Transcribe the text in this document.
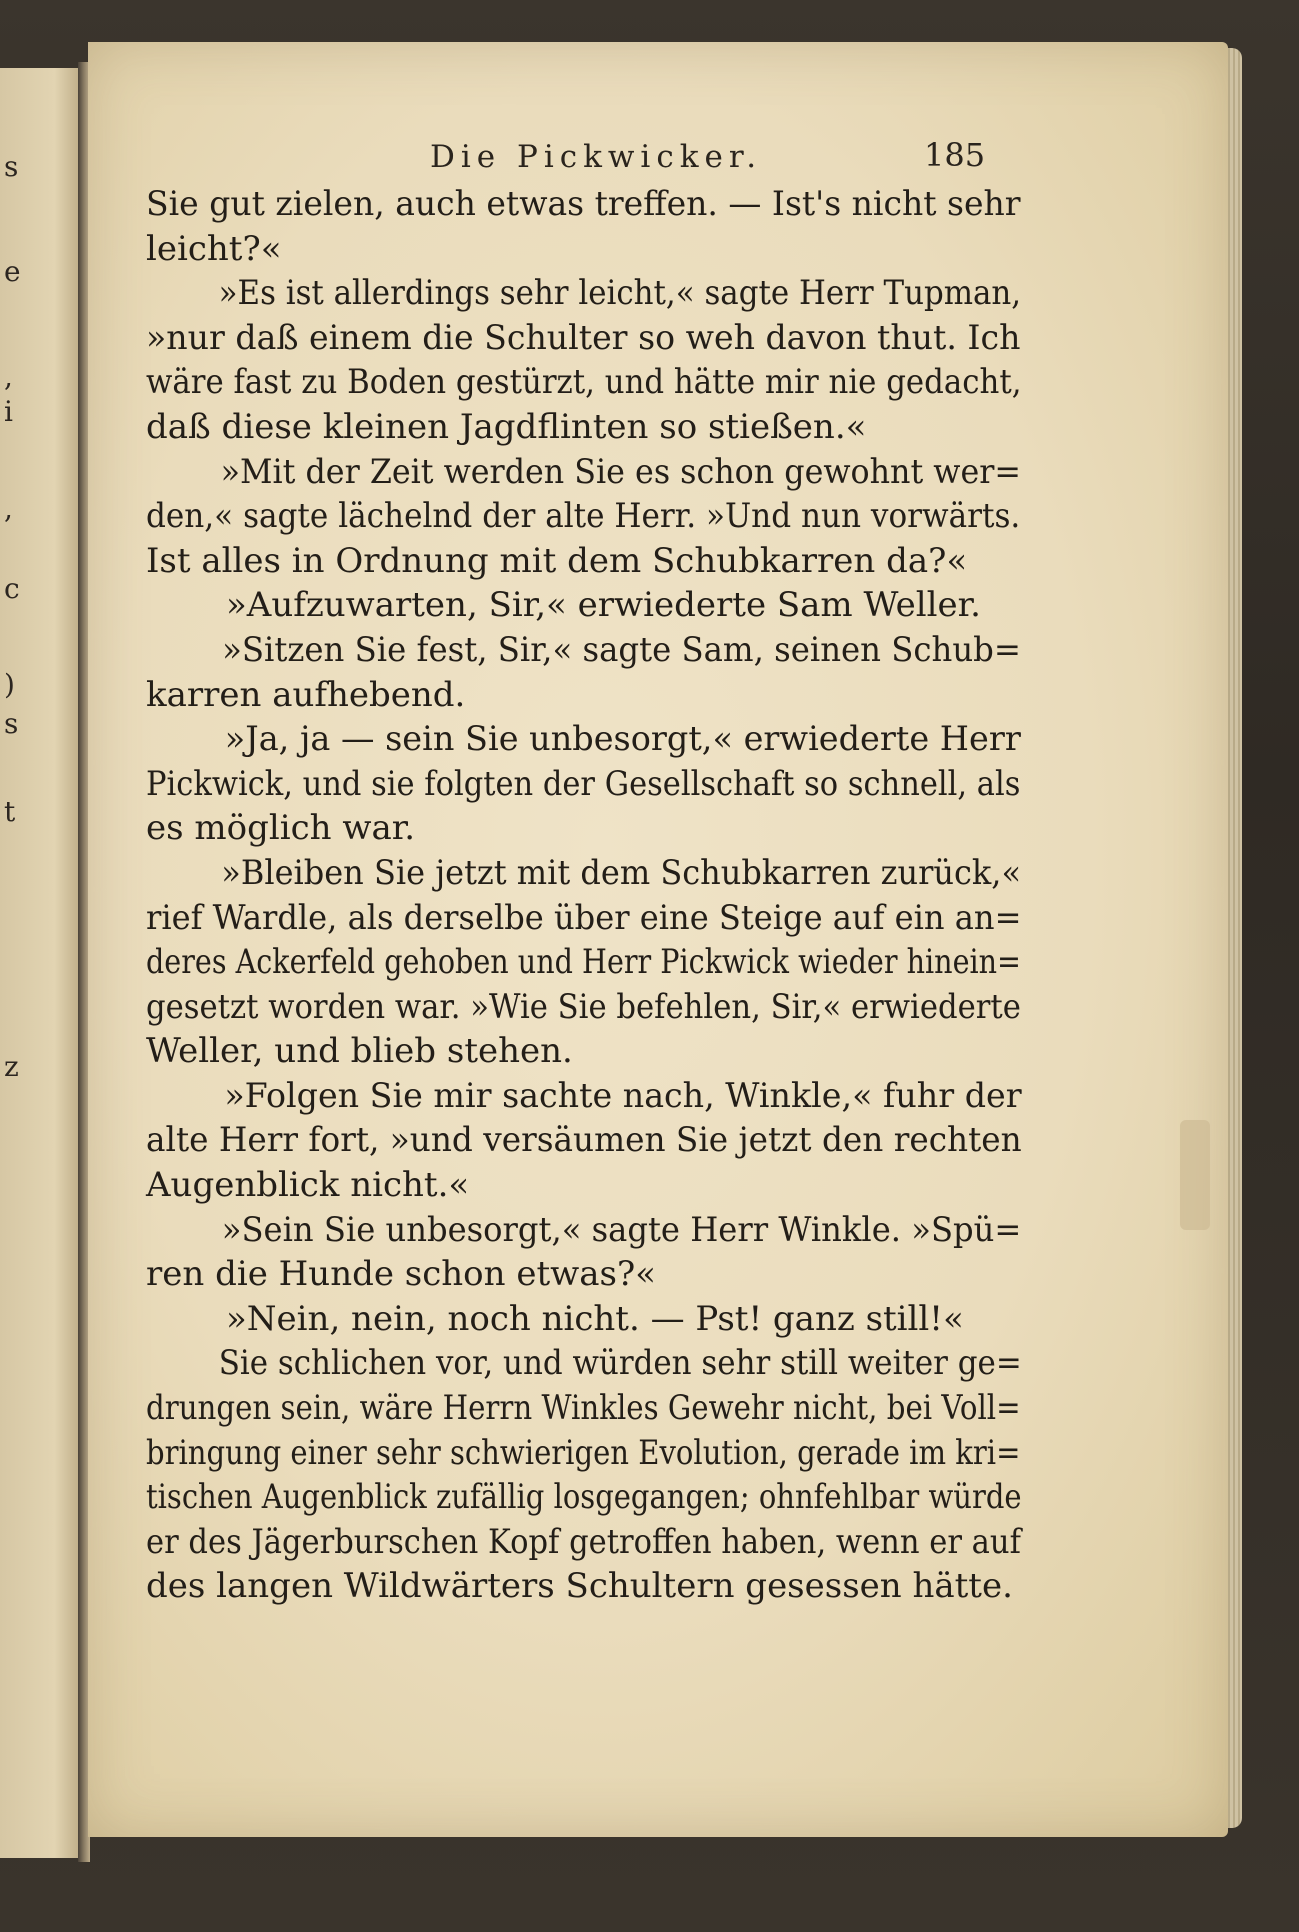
s
e
,
i
,
c
)
s
t
z
Die Pickwicker.	185
Sie gut zielen, auch etwas treffen. — Ist's nicht sehr
leicht?«
»Es ist allerdings sehr leicht,« sagte Herr Tupman,
»nur daß einem die Schulter so weh davon thut. Ich
wäre fast zu Boden gestürzt, und hätte mir nie gedacht,
daß diese kleinen Jagdflinten so stießen.«
»Mit der Zeit werden Sie es schon gewohnt wer=
den,« sagte lächelnd der alte Herr. »Und nun vorwärts.
Ist alles in Ordnung mit dem Schubkarren da?«
»Aufzuwarten, Sir,« erwiederte Sam Weller.
»Sitzen Sie fest, Sir,« sagte Sam, seinen Schub=
karren aufhebend.
»Ja, ja — sein Sie unbesorgt,« erwiederte Herr
Pickwick, und sie folgten der Gesellschaft so schnell, als
es möglich war.
»Bleiben Sie jetzt mit dem Schubkarren zurück,«
rief Wardle, als derselbe über eine Steige auf ein an=
deres Ackerfeld gehoben und Herr Pickwick wieder hinein=
gesetzt worden war. »Wie Sie befehlen, Sir,« erwiederte
Weller, und blieb stehen.
»Folgen Sie mir sachte nach, Winkle,« fuhr der
alte Herr fort, »und versäumen Sie jetzt den rechten
Augenblick nicht.«
»Sein Sie unbesorgt,« sagte Herr Winkle. »Spü=
ren die Hunde schon etwas?«
»Nein, nein, noch nicht. — Pst! ganz still!«
Sie schlichen vor, und würden sehr still weiter ge=
drungen sein, wäre Herrn Winkles Gewehr nicht, bei Voll=
bringung einer sehr schwierigen Evolution, gerade im kri=
tischen Augenblick zufällig losgegangen; ohnfehlbar würde
er des Jägerburschen Kopf getroffen haben, wenn er auf
des langen Wildwärters Schultern gesessen hätte.
